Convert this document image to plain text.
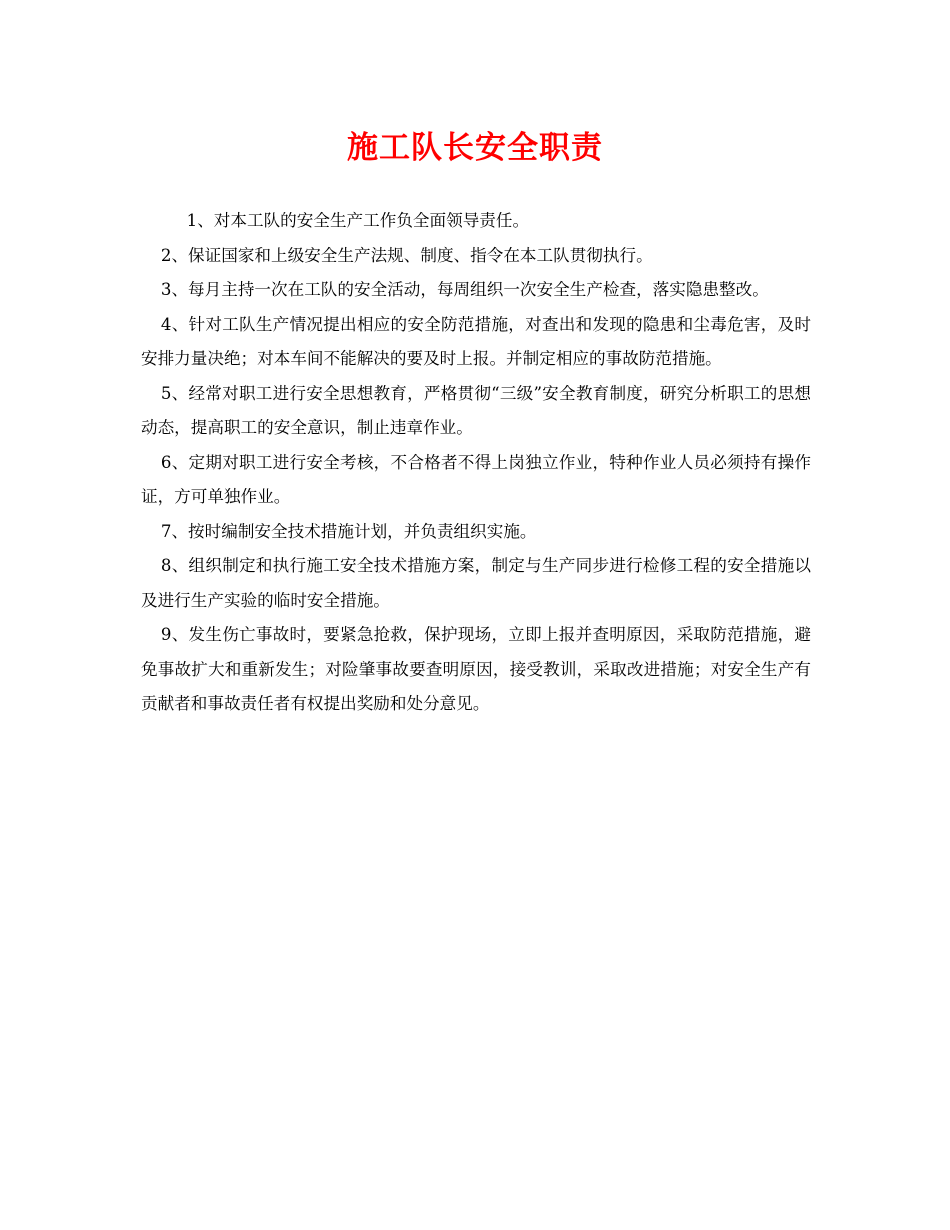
施工队长安全职责

1、对本工队的安全生产工作负全面领导责任。

2、保证国家和上级安全生产法规、制度、指令在本工队贯彻执行。

3、每月主持一次在工队的安全活动，每周组织一次安全生产检查，落实隐患整改。

4、针对工队生产情况提出相应的安全防范措施，对查出和发现的隐患和尘毒危害，及时安排力量决绝；对本车间不能解决的要及时上报。并制定相应的事故防范措施。

5、经常对职工进行安全思想教育，严格贯彻“三级”安全教育制度，研究分析职工的思想动态，提高职工的安全意识，制止违章作业。

6、定期对职工进行安全考核，不合格者不得上岗独立作业，特种作业人员必须持有操作证，方可单独作业。

7、按时编制安全技术措施计划，并负责组织实施。

8、组织制定和执行施工安全技术措施方案，制定与生产同步进行检修工程的安全措施以及进行生产实验的临时安全措施。

9、发生伤亡事故时，要紧急抢救，保护现场，立即上报并查明原因，采取防范措施，避免事故扩大和重新发生；对险肇事故要查明原因，接受教训，采取改进措施；对安全生产有贡献者和事故责任者有权提出奖励和处分意见。
